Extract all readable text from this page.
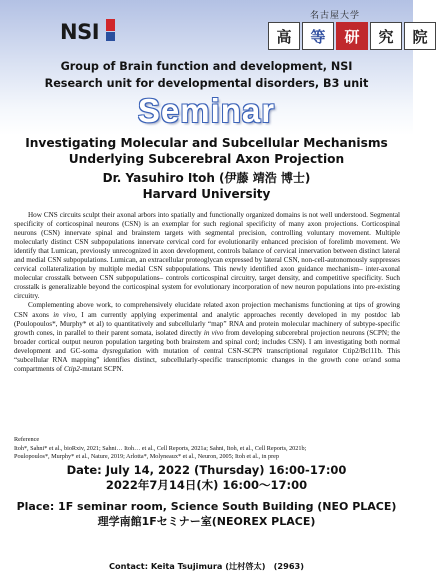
NSI
名古屋大学
高	等	研	究	院
Group of Brain function and development, NSI
Research unit for developmental disorders, B3 unit
Seminar
Investigating Molecular and Subcellular Mechanisms
Underlying Subcerebral Axon Projection
Dr. Yasuhiro Itoh (伊藤 靖浩 博士)
Harvard University

How CNS circuits sculpt their axonal arbors into spatially and functionally organized domains is not well understood. Segmental specificity of corticospinal neurons (CSN) is an exemplar for such regional specificity of many axon projections. Corticospinal neurons (CSN) innervate spinal and brainstem targets with segmental precision, controlling voluntary movement. Multiple molecularly distinct CSN subpopulations innervate cervical cord for evolutionarily enhanced precision of forelimb movement. We identify that Lumican, previously unrecognized in axon development, controls balance of cervical innervation between distinct lateral and medial CSN subpopulations. Lumican, an extracellular proteoglycan expressed by lateral CSN, non-cell-autonomously suppresses cervical collateralization by multiple medial CSN subpopulations. This newly identified axon guidance mechanism– inter-axonal molecular crosstalk between CSN subpopulations– controls corticospinal circuitry, target density, and competitive specificity. Such crosstalk is generalizable beyond the corticospinal system for evolutionary incorporation of new neuron populations into pre-existing circuitry.

Complementing above work, to comprehensively elucidate related axon projection mechanisms functioning at tips of growing CSN axons in vivo, I am currently applying experimental and analytic approaches recently developed in my postdoc lab (Poulopoulos*, Murphy* et al) to quantitatively and subcellularly “map” RNA and protein molecular machinery of subtype-specific growth cones, in parallel to their parent somata, isolated directly in vivo from developing subcerebral projection neurons (SCPN; the broader cortical output neuron population targeting both brainstem and spinal cord; includes CSN). I am investigating both normal development and GC-soma dysregulation with mutation of central CSN-SCPN transcriptional regulator Ctip2/Bcl11b. This “subcellular RNA mapping” identifies distinct, subcellularly-specific transcriptomic changes in the growth cone or/and soma compartments of Ctip2-mutant SCPN.

Reference

Itoh*, Sahni* et al., bioRxiv, 2021; Sahni… Itoh… et al., Cell Reports, 2021a; Sahni, Itoh, et al., Cell Reports, 2021b;

Poulopoulos*, Murphy* et al., Nature, 2019; Arlotta*, Molyneaux* et al., Neuron, 2005; Itoh et al., in prep

Date: July 14, 2022 (Thursday) 16:00-17:00
2022年7月14日(木) 16:00～17:00
Place: 1F seminar room, Science South Building (NEO PLACE)
理学南館1Fセミナー室(NEOREX PLACE)
Contact: Keita Tsujimura (辻村啓太)　(2963)
